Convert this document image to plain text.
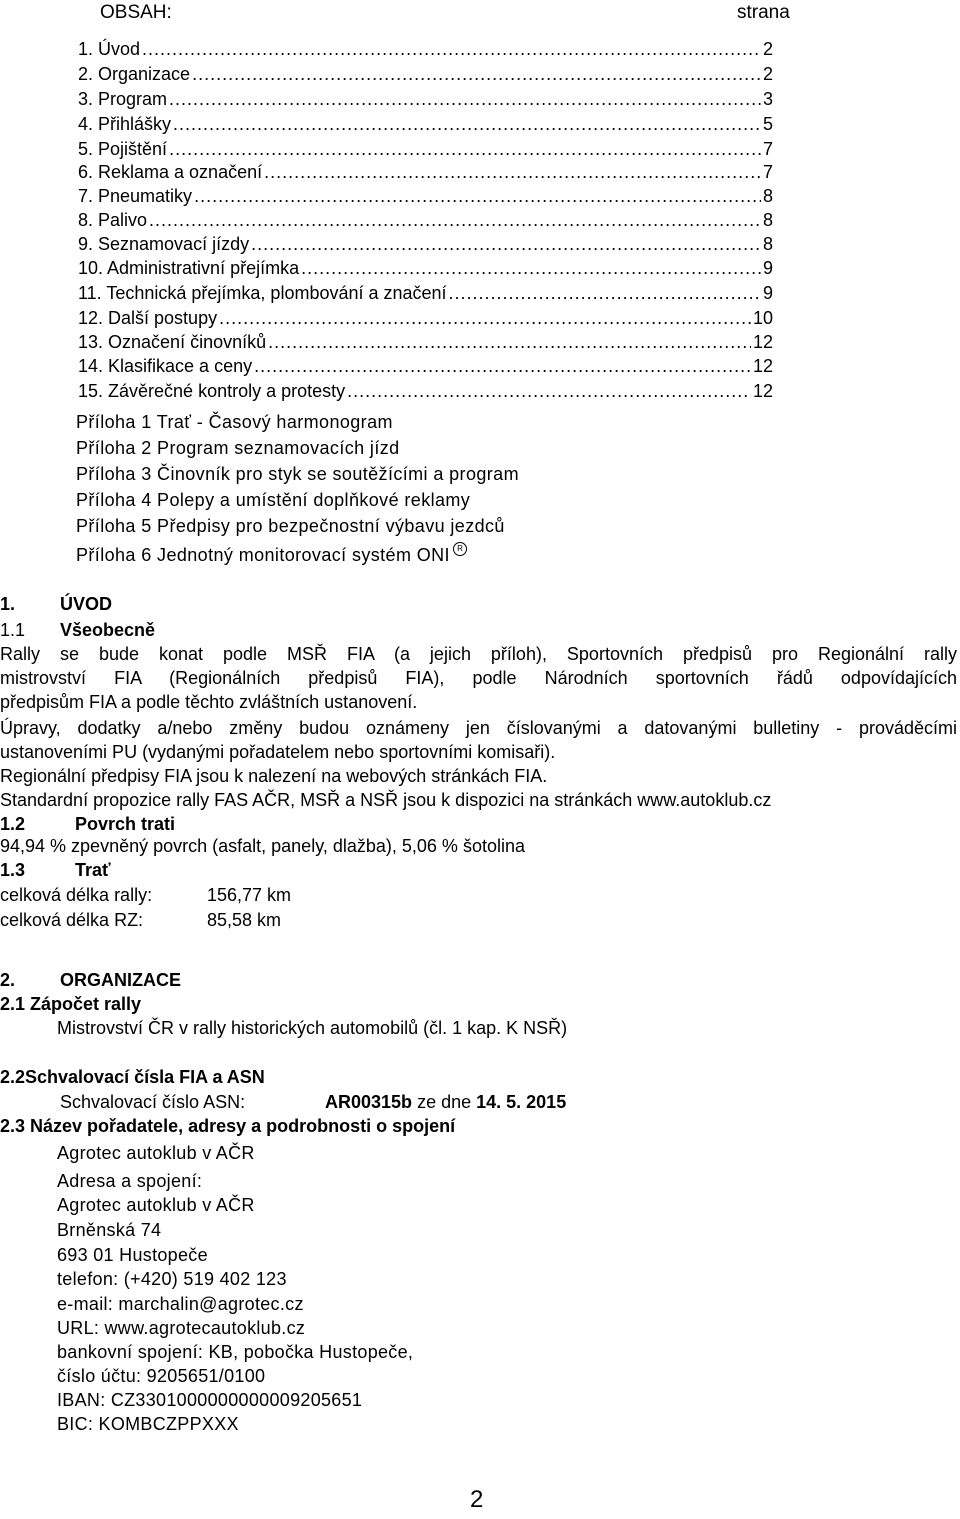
OBSAH:	strana
1. Úvod .....	2
2. Organizace .....	2
3. Program .....	3
4. Přihlášky .....	5
5. Pojištění .....	7
6. Reklama a označení .....	7
7. Pneumatiky .....	8
8. Palivo .....	8
9. Seznamovací jízdy .....	8
10. Administrativní přejímka .....	9
11. Technická přejímka, plombování a značení .....	9
12. Další postupy .....	10
13. Označení činovníků .....	12
14. Klasifikace a ceny .....	12
15. Závěrečné kontroly a protesty .....	12
Příloha 1 Trať - Časový harmonogram
Příloha 2 Program seznamovacích jízd
Příloha 3 Činovník pro styk se soutěžícími a program
Příloha 4 Polepy a umístění doplňkové reklamy
Příloha 5 Předpisy pro bezpečnostní výbavu jezdců
Příloha 6 Jednotný monitorovací systém ONI R
1. ÚVOD
1.1 Všeobecně
Rally se bude konat podle MSŘ FIA (a jejich příloh), Sportovních předpisů pro Regionální rally
mistrovství FIA (Regionálních předpisů FIA), podle Národních sportovních řádů odpovídajících
předpisům FIA a podle těchto zvláštních ustanovení.
Úpravy, dodatky a/nebo změny budou oznámeny jen číslovanými a datovanými bulletiny - prováděcími
ustanoveními PU (vydanými pořadatelem nebo sportovními komisaři).
Regionální předpisy FIA jsou k nalezení na webových stránkách FIA.
Standardní propozice rally FAS AČR, MSŘ a NSŘ jsou k dispozici na stránkách www.autoklub.cz
1.2	Povrch trati
94,94 % zpevněný povrch (asfalt, panely, dlažba), 5,06 % šotolina
1.3	Trať
celková délka rally:	156,77 km
celková délka RZ:	85,58 km
2. ORGANIZACE
2.1 Zápočet rally
Mistrovství ČR v rally historických automobilů (čl. 1 kap. K NSŘ)
2.2Schvalovací čísla FIA a ASN
Schvalovací číslo ASN:	AR00315b ze dne 14. 5. 2015
2.3 Název pořadatele, adresy a podrobnosti o spojení
Agrotec autoklub v AČR
Adresa a spojení:
Agrotec autoklub v AČR
Brněnská 74
693 01 Hustopeče
telefon: (+420) 519 402 123
e-mail: marchalin@agrotec.cz
URL: www.agrotecautoklub.cz
bankovní spojení: KB, pobočka Hustopeče,
číslo účtu: 9205651/0100
IBAN: CZ3301000000000009205651
BIC: KOMBCZPPXXX
2
